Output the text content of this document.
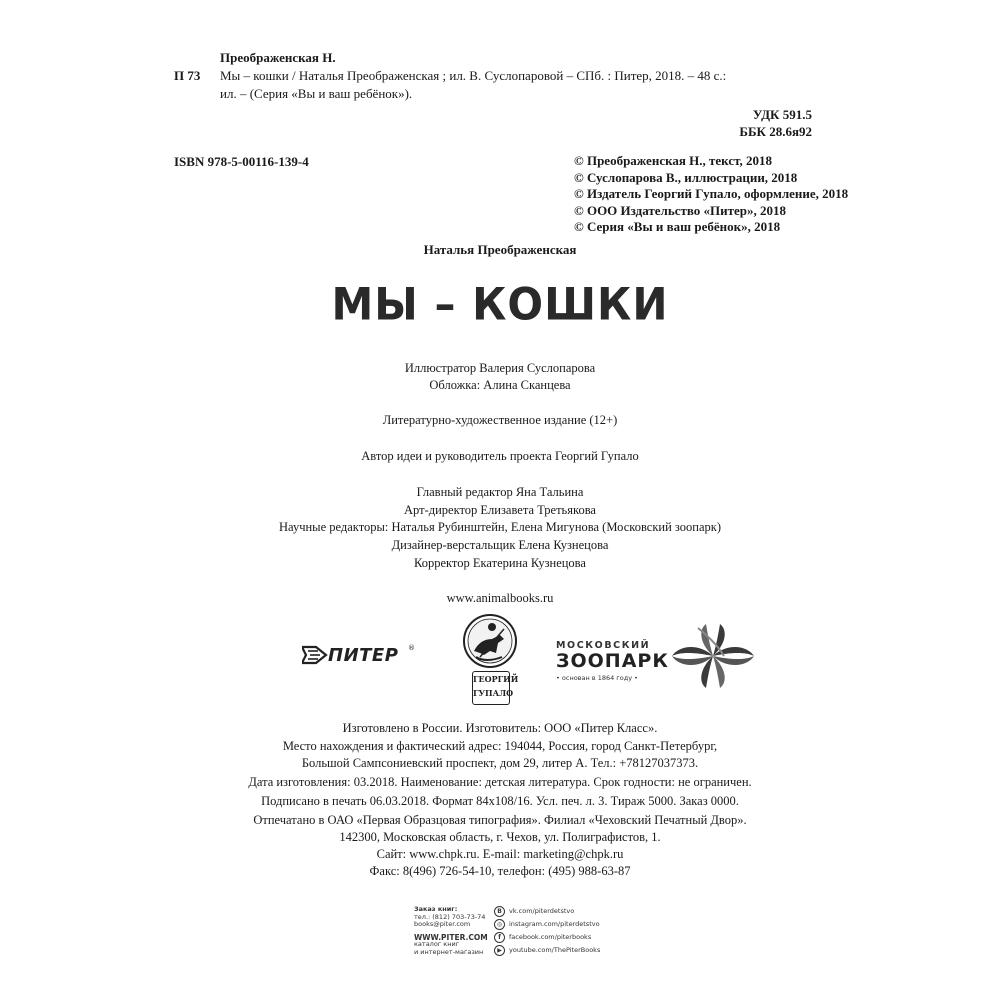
Преображенская Н.
П 73 Мы – кошки / Наталья Преображенская ; ил. В. Суслопаровой – СПб. : Питер, 2018. – 48 с.:
ил. – (Серия «Вы и ваш ребёнок»).
УДК 591.5
ББК 28.6я92
ISBN 978-5-00116-139-4	© Преображенская Н., текст, 2018
© Суслопарова В., иллюстрации, 2018
© Издатель Георгий Гупало, оформление, 2018
© ООО Издательство «Питер», 2018
© Серия «Вы и ваш ребёнок», 2018
Наталья Преображенская
МЫ – КОШКИ
Иллюстратор Валерия Суслопарова
Обложка: Алина Сканцева
Литературно-художественное издание (12+)
Автор идеи и руководитель проекта Георгий Гупало
Главный редактор Яна Тальина
Арт-директор Елизавета Третьякова
Научные редакторы: Наталья Рубинштейн, Елена Мигунова (Московский зоопарк)
Дизайнер-верстальщик Елена Кузнецова
Корректор Екатерина Кузнецова
www.animalbooks.ru
ПИТЕР ®
ГЕОРГИЙ
ГУПАЛО
МОСКОВСКИЙ
ЗООПАРК
• основан в 1864 году •
Изготовлено в России. Изготовитель: ООО «Питер Класс».
Место нахождения и фактический адрес: 194044, Россия, город Санкт-Петербург,
Большой Сампсониевский проспект, дом 29, литер А. Тел.: +78127037373.
Дата изготовления: 03.2018. Наименование: детская литература. Срок годности: не ограничен.
Подписано в печать 06.03.2018. Формат 84x108/16. Усл. печ. л. 3. Тираж 5000. Заказ 0000.
Отпечатано в ОАО «Первая Образцовая типография». Филиал «Чеховский Печатный Двор».
142300, Московская область, г. Чехов, ул. Полиграфистов, 1.
Сайт: www.chpk.ru. E-mail: marketing@chpk.ru
Факс: 8(496) 726-54-10, телефон: (495) 988-63-87
Заказ книг:
тел.: (812) 703-73-74
books@piter.com
WWW.PITER.COM
каталог книг
и интернет-магазин
B	vk.com/piterdetstvo
◎	instagram.com/piterdetstvo
f	facebook.com/piterbooks
▶	youtube.com/ThePiterBooks
